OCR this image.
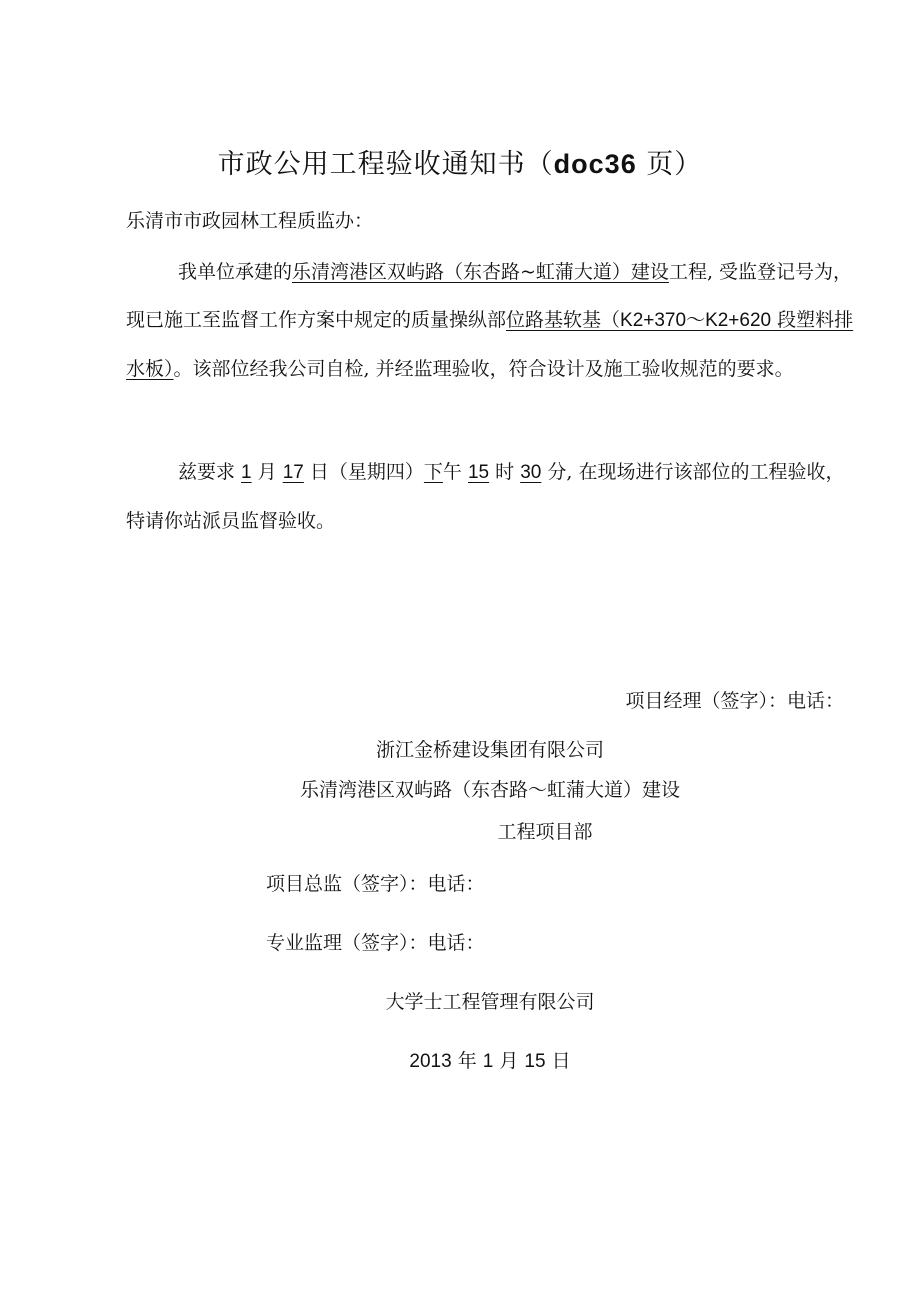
市政公用工程验收通知书（doc36 页）
乐清市市政园林工程质监办：
我单位承建的乐清湾港区双屿路（东杏路~虹蒲大道）建设工程, 受监登记号为，现已施工至监督工作方案中规定的质量操纵部位路基软基（K2+370～K2+620 段塑料排水板）。该部位经我公司自检, 并经监理验收，符合设计及施工验收规范的要求。
兹要求 1 月 17 日（星期四）下午 15 时 30 分, 在现场进行该部位的工程验收，特请你站派员监督验收。
项目经理（签字）：电话：
浙江金桥建设集团有限公司
乐清湾港区双屿路（东杏路～虹蒲大道）建设
工程项目部
项目总监（签字）：电话：
专业监理（签字）：电话：
大学士工程管理有限公司
2013 年 1 月 15 日
